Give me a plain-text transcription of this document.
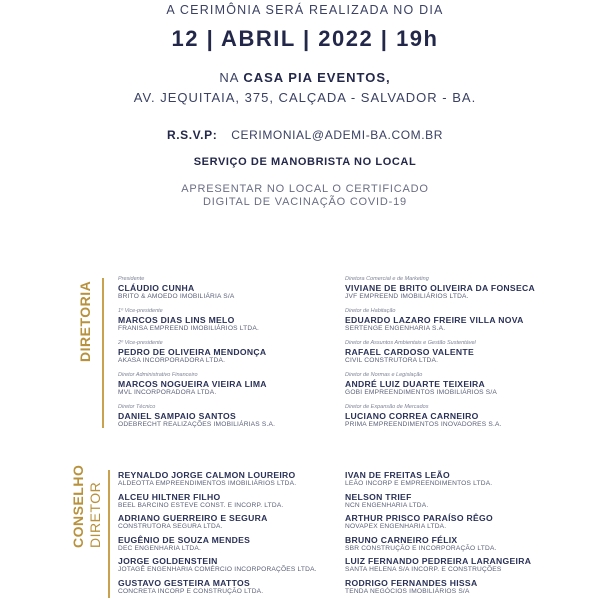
A CERIMÔNIA SERÁ REALIZADA NO DIA
12 | ABRIL | 2022 | 19h
NA CASA PIA EVENTOS,
AV. JEQUITAIA, 375, CALÇADA - SALVADOR - BA.
R.S.V.P: CERIMONIAL@ADEMI-BA.COM.BR
SERVIÇO DE MANOBRISTA NO LOCAL
APRESENTAR NO LOCAL O CERTIFICADO
DIGITAL DE VACINAÇÃO COVID-19
DIRETORIA
Presidente
CLÁUDIO CUNHA
BRITO & AMOEDO IMOBILIÁRIA S/A
1º Vice-presidente
MARCOS DIAS LINS MELO
FRANISA EMPREEND IMOBILIÁRIOS LTDA.
2º Vice-presidente
PEDRO DE OLIVEIRA MENDONÇA
AKASA INCORPORADORA LTDA.
Diretor Administrativo Financeiro
MARCOS NOGUEIRA VIEIRA LIMA
MVL INCORPORADORA LTDA.
Diretor Técnico
DANIEL SAMPAIO SANTOS
ODEBRECHT REALIZAÇÕES IMOBILIÁRIAS S.A.
Diretora Comercial e de Marketing
VIVIANE DE BRITO OLIVEIRA DA FONSECA
JVF EMPREEND IMOBILIÁRIOS LTDA.
Diretor de Habitação
EDUARDO LAZARO FREIRE VILLA NOVA
SERTENGE ENGENHARIA S.A.
Diretor de Assuntos Ambientais e Gestão Sustentável
RAFAEL CARDOSO VALENTE
CIVIL CONSTRUTORA LTDA.
Diretor de Normas e Legislação
ANDRÉ LUIZ DUARTE TEIXEIRA
GOBI EMPREENDIMENTOS IMOBILIÁRIOS S/A
Diretor de Expansão de Mercados
LUCIANO CORREA CARNEIRO
PRIMA EMPREENDIMENTOS INOVADORES S.A.
CONSELHO DIRETOR
REYNALDO JORGE CALMON LOUREIRO
ALDEOTTA EMPREENDIMENTOS IMOBILIÁRIOS LTDA.
ALCEU HILTNER FILHO
BEEL BARCINO ESTEVE CONST. E INCORP. LTDA.
ADRIANO GUERREIRO E SEGURA
CONSTRUTORA SEGURA LTDA.
EUGÊNIO DE SOUZA MENDES
DEC ENGENHARIA LTDA.
JORGE GOLDENSTEIN
JOTAGÊ ENGENHARIA COMÉRCIO INCORPORAÇÕES LTDA.
GUSTAVO GESTEIRA MATTOS
CONCRETA INCORP E CONSTRUÇÃO LTDA.
IVAN DE FREITAS LEÃO
LEÃO INCORP E EMPREENDIMENTOS LTDA.
NELSON TRIEF
NCN ENGENHARIA LTDA.
ARTHUR PRISCO PARAÍSO RÊGO
NOVAPEX ENGENHARIA LTDA.
BRUNO CARNEIRO FÉLIX
SBR CONSTRUÇÃO E INCORPORAÇÃO LTDA.
LUIZ FERNANDO PEDREIRA LARANGEIRA
SANTA HELENA S/A INCORP. E CONSTRUÇÕES
RODRIGO FERNANDES HISSA
TENDA NEGÓCIOS IMOBILIÁRIOS S/A
